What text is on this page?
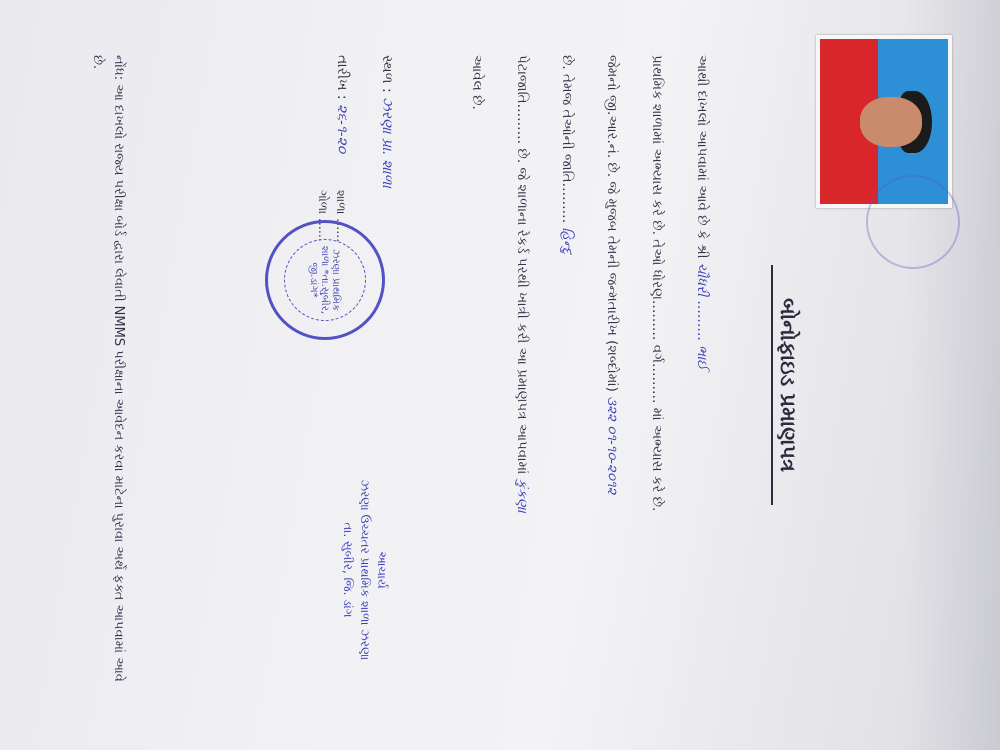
બોનોફાઇડ પ્રમાણપત્ર
આથી દાખલો આપવામાં આવે છે કે શ્રી ચૌધરી ……… ભાઈ
પ્રાથમિક શાળામાં અભ્યાસ કરે છે. તેઓ ધોરણ……… વર્ગ……… માં અભ્યાસ કરે છે.
જેમનો જી.આર.નં. છે. જે મુજબ તેમની જન્મતારીખ (શબ્દોમાં) ૩૨૨ ૦૧-૧૦-૨૦૧૨
છે. તેમજ તેઓની જાતિ……… હિન્દુ
પેટાજાતિ……… છે. જે શાળાના રેકર્ડ પરથી ખાત્રી કરી આ પ્રમાણપત્ર આપવામાં કુંકણા
આવેલ છે.
સ્થળ : ઝરણા પ્રા. શાળા
તારીખ : ૨૬-૧-૨૦
શાળા ……
ગોળા ……
ઝરણા પ્રાથમિક શાળા *તા.સુબીર, જી.ડાંગ*
આચાર્ય
ઝરણા ઉચ્ચતર પ્રાથમિક શાળા ઝરણા
તા. સુબીર, જિ. ડાંગ
નોંધ: આ દાખલો રાજ્ય પરીક્ષા બોર્ડ દ્વારા લેવાતી NMMS પરીક્ષાના આવેદન કરવા માટેના પુરાવા અર્થે ફક્ત આપવામાં આવે છે.
